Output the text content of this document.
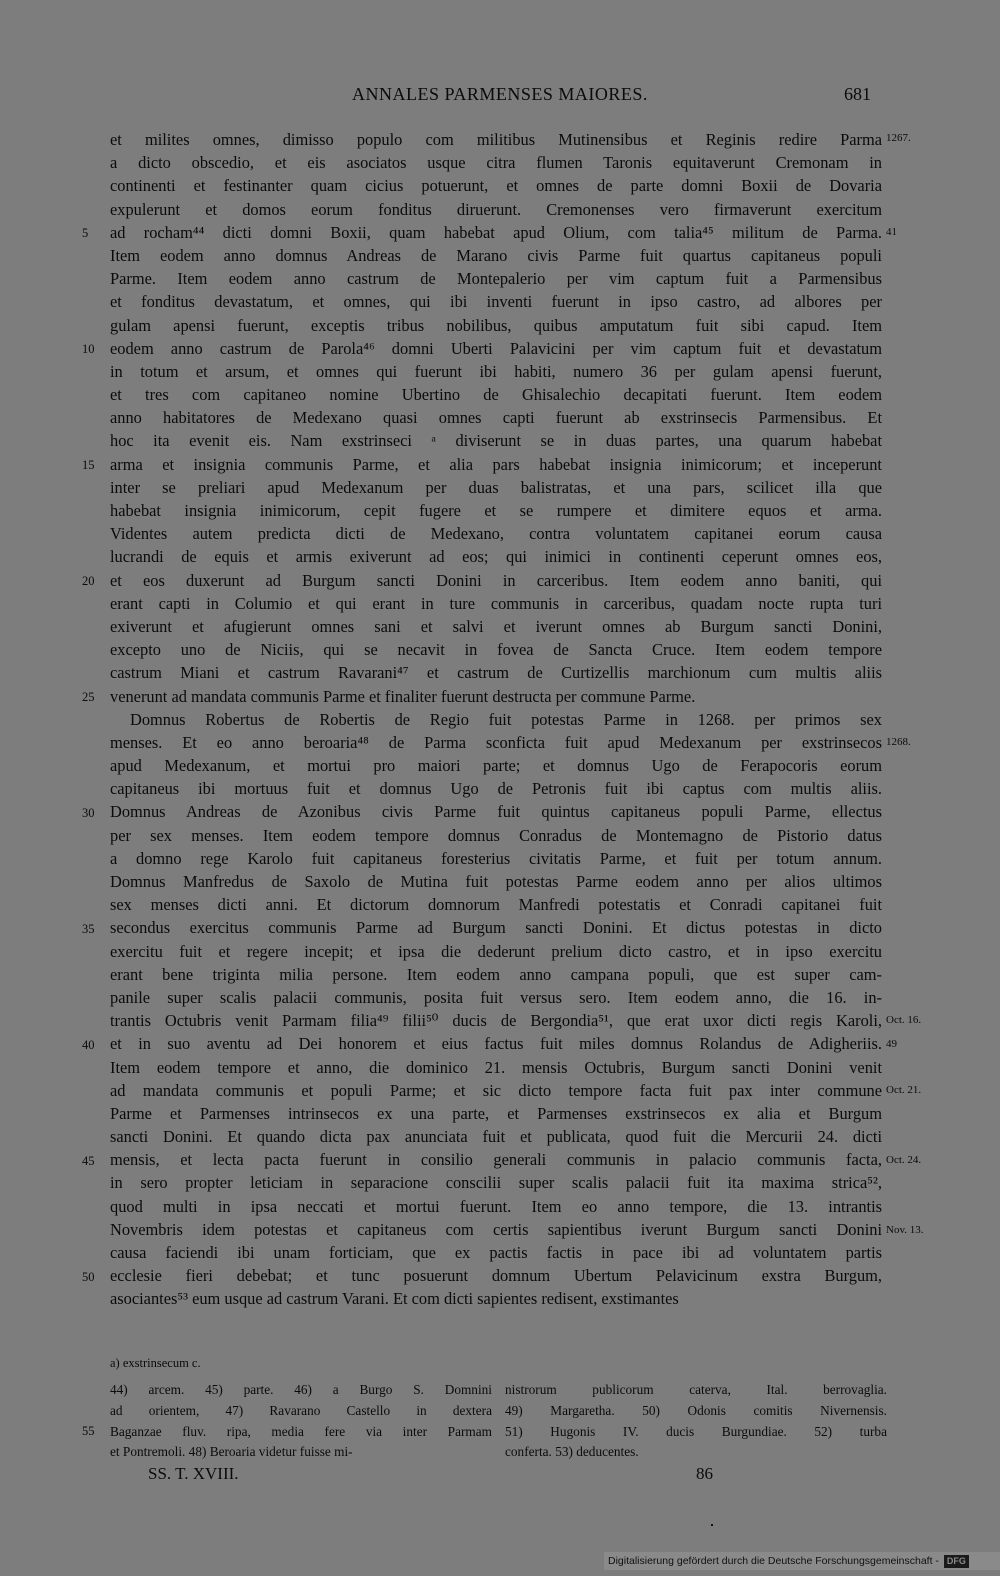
ANNALES PARMENSES MAIORES.	681
et milites omnes, dimisso populo com militibus Mutinensibus et Reginis redire Parma
a dicto obscedio, et eis asociatos usque citra flumen Taronis equitaverunt Cremonam in
continenti et festinanter quam cicius potuerunt, et omnes de parte domni Boxii de Dovaria
expulerunt et domos eorum fonditus diruerunt. Cremonenses vero firmaverunt exercitum
ad rocham⁴⁴ dicti domni Boxii, quam habebat apud Olium, com talia⁴⁵ militum de Parma.
Item eodem anno domnus Andreas de Marano civis Parme fuit quartus capitaneus populi
Parme. Item eodem anno castrum de Montepalerio per vim captum fuit a Parmensibus
et fonditus devastatum, et omnes, qui ibi inventi fuerunt in ipso castro, ad albores per
gulam apensi fuerunt, exceptis tribus nobilibus, quibus amputatum fuit sibi capud. Item
eodem anno castrum de Parola⁴⁶ domni Uberti Palavicini per vim captum fuit et devastatum
in totum et arsum, et omnes qui fuerunt ibi habiti, numero 36 per gulam apensi fuerunt,
et tres com capitaneo nomine Ubertino de Ghisalechio decapitati fuerunt. Item eodem
anno habitatores de Medexano quasi omnes capti fuerunt ab exstrinsecis Parmensibus. Et
hoc ita evenit eis. Nam exstrinseci ᵃ diviserunt se in duas partes, una quarum habebat
arma et insignia communis Parme, et alia pars habebat insignia inimicorum; et inceperunt
inter se preliari apud Medexanum per duas balistratas, et una pars, scilicet illa que
habebat insignia inimicorum, cepit fugere et se rumpere et dimitere equos et arma.
Videntes autem predicta dicti de Medexano, contra voluntatem capitanei eorum causa
lucrandi de equis et armis exiverunt ad eos; qui inimici in continenti ceperunt omnes eos,
et eos duxerunt ad Burgum sancti Donini in carceribus. Item eodem anno baniti, qui
erant capti in Columio et qui erant in ture communis in carceribus, quadam nocte rupta turi
exiverunt et afugierunt omnes sani et salvi et iverunt omnes ab Burgum sancti Donini,
excepto uno de Niciis, qui se necavit in fovea de Sancta Cruce. Item eodem tempore
castrum Miani et castrum Ravarani⁴⁷ et castrum de Curtizellis marchionum cum multis aliis
venerunt ad mandata communis Parme et finaliter fuerunt destructa per commune Parme.
Domnus Robertus de Robertis de Regio fuit potestas Parme in 1268. per primos sex
menses. Et eo anno beroaria⁴⁸ de Parma sconficta fuit apud Medexanum per exstrinsecos
apud Medexanum, et mortui pro maiori parte; et domnus Ugo de Ferapocoris eorum
capitaneus ibi mortuus fuit et domnus Ugo de Petronis fuit ibi captus com multis aliis.
Domnus Andreas de Azonibus civis Parme fuit quintus capitaneus populi Parme, ellectus
per sex menses. Item eodem tempore domnus Conradus de Montemagno de Pistorio datus
a domno rege Karolo fuit capitaneus foresterius civitatis Parme, et fuit per totum annum.
Domnus Manfredus de Saxolo de Mutina fuit potestas Parme eodem anno per alios ultimos
sex menses dicti anni. Et dictorum domnorum Manfredi potestatis et Conradi capitanei fuit
secondus exercitus communis Parme ad Burgum sancti Donini. Et dictus potestas in dicto
exercitu fuit et regere incepit; et ipsa die dederunt prelium dicto castro, et in ipso exercitu
erant bene triginta milia persone. Item eodem anno campana populi, que est super cam-
panile super scalis palacii communis, posita fuit versus sero. Item eodem anno, die 16. in-
trantis Octubris venit Parmam filia⁴⁹ filii⁵⁰ ducis de Bergondia⁵¹, que erat uxor dicti regis Karoli,
et in suo aventu ad Dei honorem et eius factus fuit miles domnus Rolandus de Adigheriis.
Item eodem tempore et anno, die dominico 21. mensis Octubris, Burgum sancti Donini venit
ad mandata communis et populi Parme; et sic dicto tempore facta fuit pax inter commune
Parme et Parmenses intrinsecos ex una parte, et Parmenses exstrinsecos ex alia et Burgum
sancti Donini. Et quando dicta pax anunciata fuit et publicata, quod fuit die Mercurii 24. dicti
mensis, et lecta pacta fuerunt in consilio generali communis in palacio communis facta,
in sero propter leticiam in separacione conscilii super scalis palacii fuit ita maxima strica⁵²,
quod multi in ipsa neccati et mortui fuerunt. Item eo anno tempore, die 13. intrantis
Novembris idem potestas et capitaneus com certis sapientibus iverunt Burgum sancti Donini
causa faciendi ibi unam forticiam, que ex pactis factis in pace ibi ad voluntatem partis
ecclesie fieri debebat; et tunc posuerunt domnum Ubertum Pelavicinum exstra Burgum,
asociantes⁵³ eum usque ad castrum Varani. Et com dicti sapientes redisent, exstimantes
5
10
15
20
25
30
35
40
45
50
1267.
41
1268.
Oct. 16.
49
Oct. 21.
Oct. 24.
Nov. 13.
a) exstrinsecum c.
44) arcem. 45) parte. 46) a Burgo S. Domnini
ad orientem, 47) Ravarano Castello in dextera
Baganzae fluv. ripa, media fere via inter Parmam
et Pontremoli. 48) Beroaria videtur fuisse mi-
nistrorum publicorum caterva, Ital. berrovaglia.
49) Margaretha. 50) Odonis comitis Nivernensis.
51) Hugonis IV. ducis Burgundiae. 52) turba
conferta. 53) deducentes.
55
SS. T. XVIII.	86
Digitalisierung gefördert durch die Deutsche Forschungsgemeinschaft - DFG
